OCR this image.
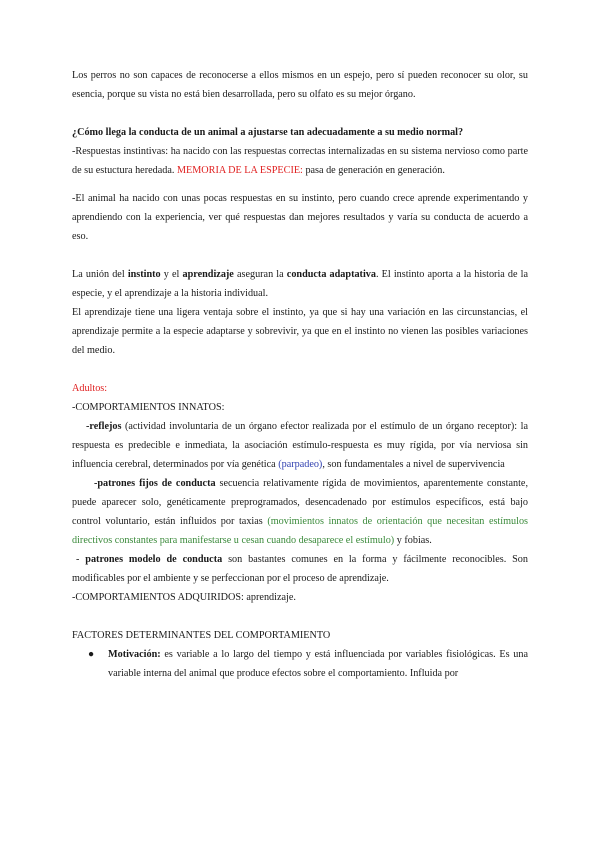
Los perros no son capaces de reconocerse a ellos mismos en un espejo, pero sí pueden reconocer su olor, su esencia, porque su vista no está bien desarrollada, pero su olfato es su mejor órgano.

¿Cómo llega la conducta de un animal a ajustarse tan adecuadamente a su medio normal?

-Respuestas instintivas: ha nacido con las respuestas correctas internalizadas en su sistema nervioso como parte de su estuctura heredada. MEMORIA DE LA ESPECIE: pasa de generación en generación.

-El animal ha nacido con unas pocas respuestas en su instinto, pero cuando crece aprende experimentando y aprendiendo con la experiencia, ver qué respuestas dan mejores resultados y varía su conducta de acuerdo a eso.

La unión del instinto y el aprendizaje aseguran la conducta adaptativa. El instinto aporta a la historia de la especie, y el aprendizaje a la historia individual.

El aprendizaje tiene una ligera ventaja sobre el instinto, ya que si hay una variación en las circunstancias, el aprendizaje permite a la especie adaptarse y sobrevivir, ya que en el instinto no vienen las posibles variaciones del medio.

Adultos:

-COMPORTAMIENTOS INNATOS:

-reflejos (actividad involuntaria de un órgano efector realizada por el estímulo de un órgano receptor): la respuesta es predecible e inmediata, la asociación estímulo-respuesta es muy rígida, por vía nerviosa sin influencia cerebral, determinados por vía genética (parpadeo), son fundamentales a nivel de supervivencia

-patrones fijos de conducta secuencia relativamente rígida de movimientos, aparentemente constante, puede aparecer solo, genéticamente preprogramados, desencadenado por estímulos específicos, está bajo control voluntario, están influidos por taxias (movimientos innatos de orientación que necesitan estímulos directivos constantes para manifestarse u cesan cuando desaparece el estímulo) y fobias.

- patrones modelo de conducta son bastantes comunes en la forma y fácilmente reconocibles. Son modificables por el ambiente y se perfeccionan por el proceso de aprendizaje.

-COMPORTAMIENTOS ADQUIRIDOS: aprendizaje.

FACTORES DETERMINANTES DEL COMPORTAMIENTO

● Motivación: es variable a lo largo del tiempo y está influenciada por variables fisiológicas. Es una variable interna del animal que produce efectos sobre el comportamiento. Influida por
